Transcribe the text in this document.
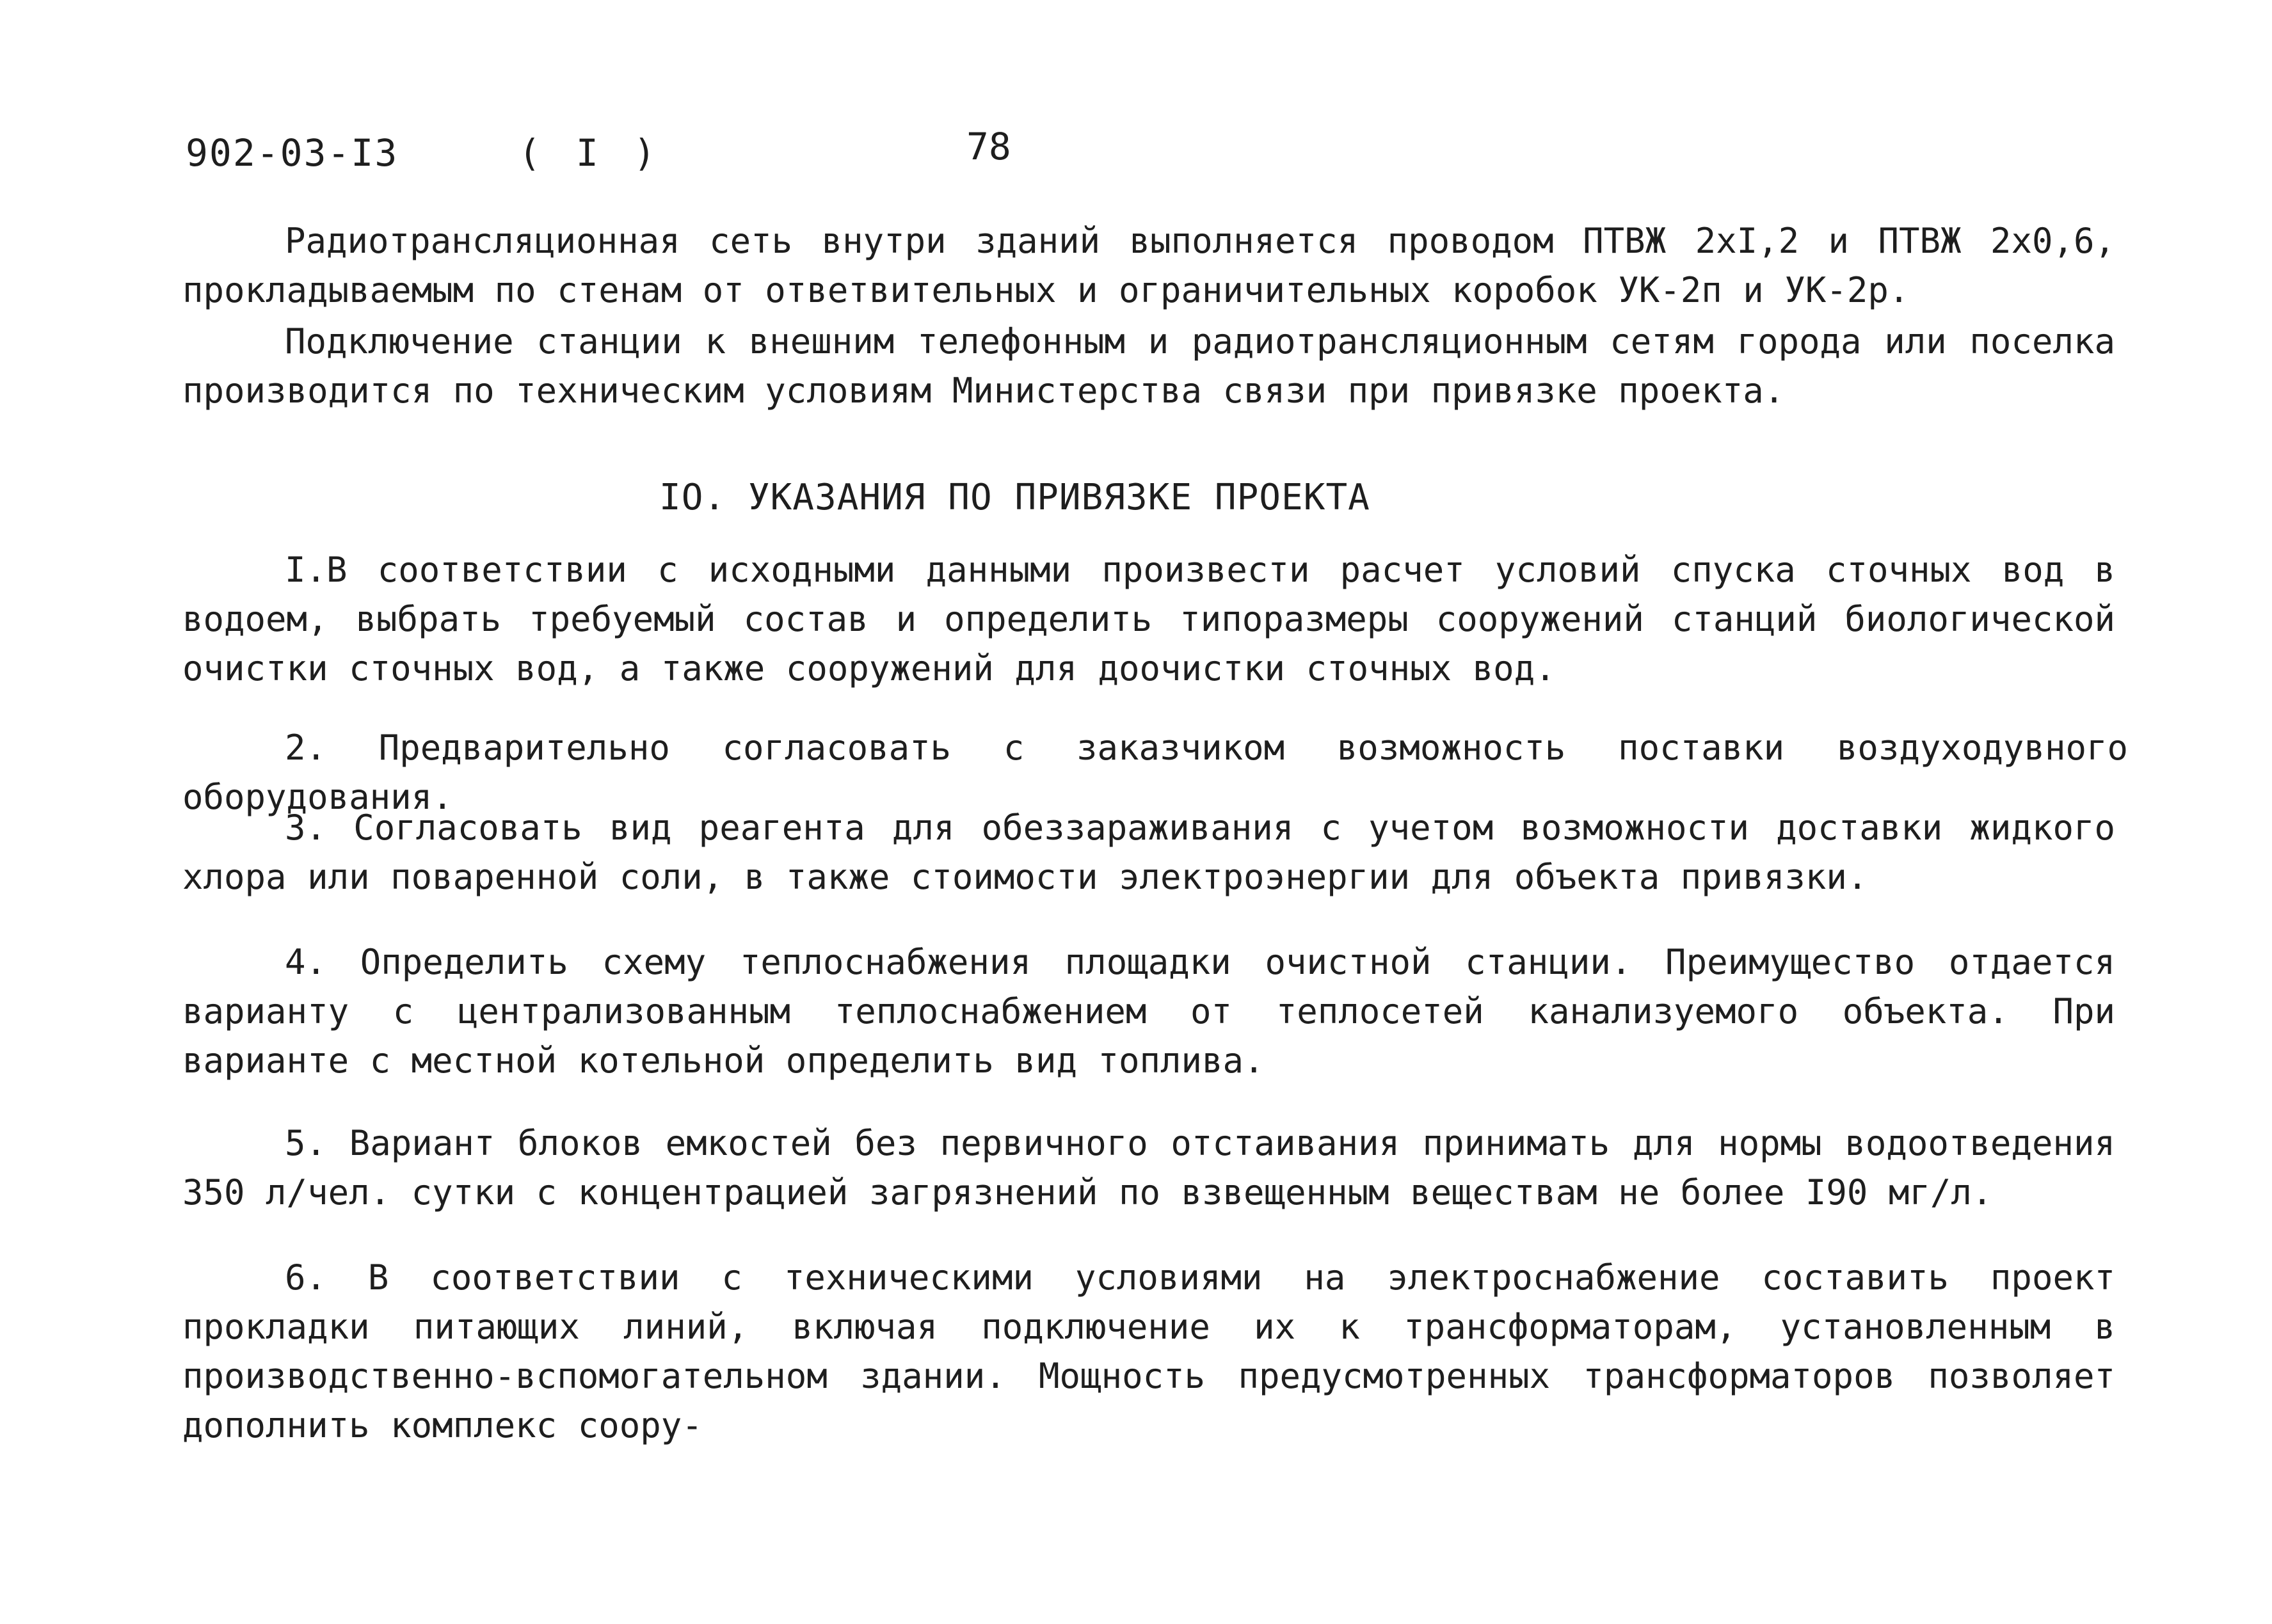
902-03-I3	( I )	78

Радиотрансляционная сеть внутри зданий выполняется проводом ПТВЖ 2хI,2 и ПТВЖ 2х0,6, прокладываемым по стенам от ответвительных и ограничительных коробок УК-2п и УК-2р.

Подключение станции к внешним телефонным и радиотрансляционным сетям города или поселка производится по техническим условиям Министерства связи при привязке проекта.

IO. УКАЗАНИЯ ПО ПРИВЯЗКЕ ПРОЕКТА

I.В соответствии с исходными данными произвести расчет условий спуска сточных вод в водоем, выбрать требуемый состав и определить типоразмеры сооружений станций биологической очистки сточных вод, а также сооружений для доочистки сточных вод.

2. Предварительно согласовать с заказчиком возможность поставки воздуходувного оборудования.

3. Согласовать вид реагента для обеззараживания с учетом возможности доставки жидкого хлора или поваренной соли, в также стоимости электроэнергии для объекта привязки.

4. Определить схему теплоснабжения площадки очистной станции. Преимущество отдается варианту с централизованным теплоснабжением от теплосетей канализуемого объекта. При варианте с местной котельной определить вид топлива.

5. Вариант блоков емкостей без первичного отстаивания принимать для нормы водоотведения 350 л/чел. сутки с концентрацией загрязнений по взвещенным веществам не более I90 мг/л.

6. В соответствии с техническими условиями на электроснабжение составить проект прокладки питающих линий, включая подключение их к трансформаторам, установленным в производственно-вспомогательном здании. Мощность предусмотренных трансформаторов позволяет дополнить комплекс соору-
